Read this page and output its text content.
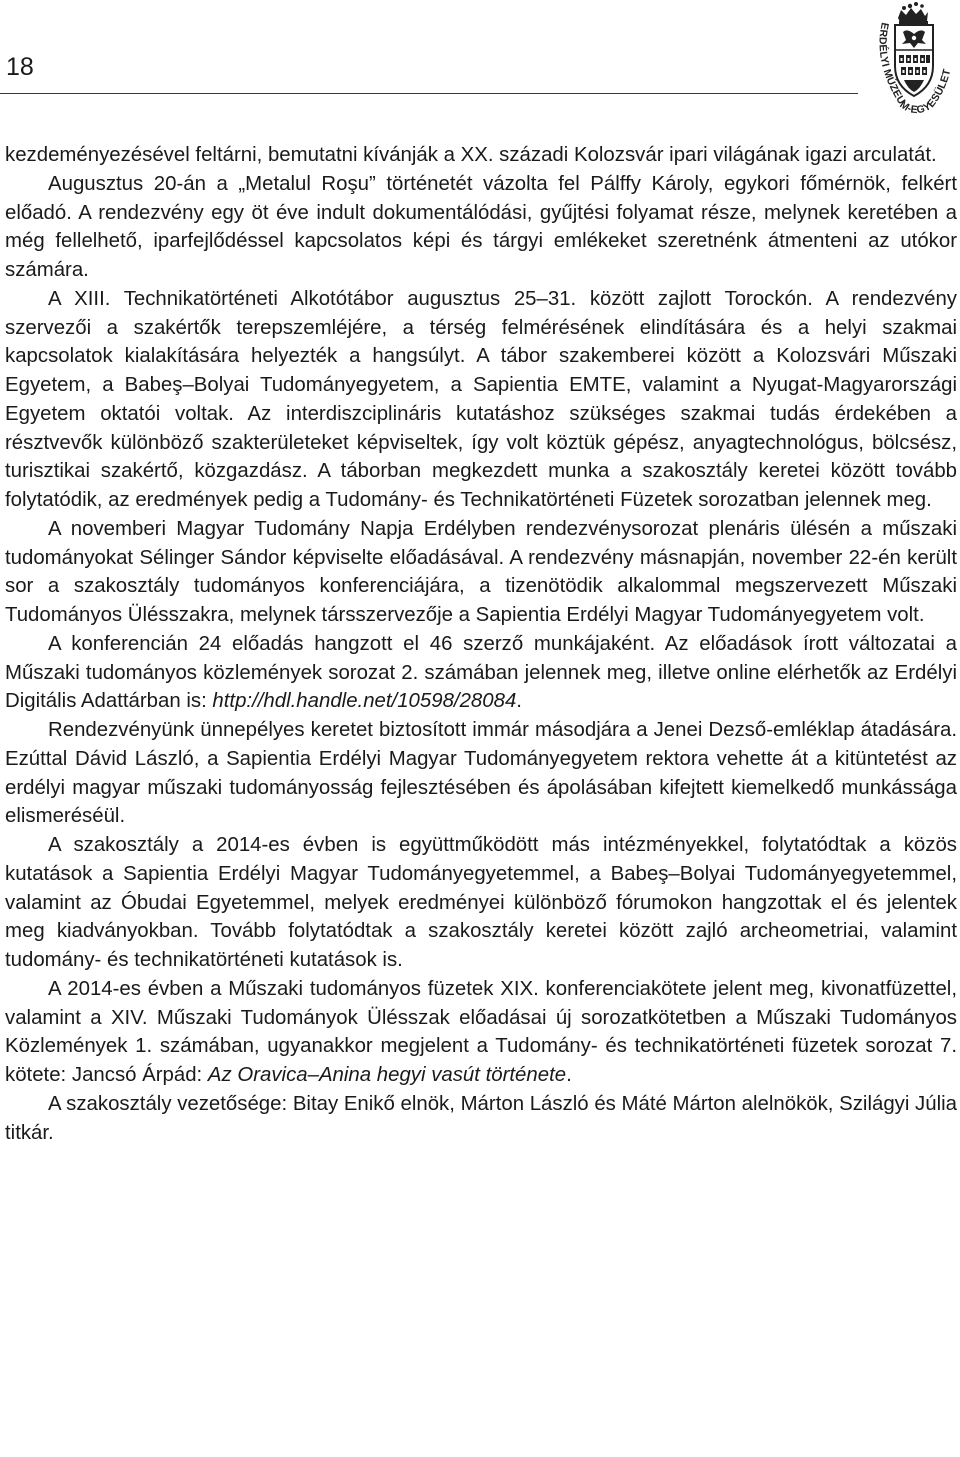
18
ERDÉLYI MÚZEUM-EGYESÜLET

kezdeményezésével feltárni, bemutatni kívánják a XX. századi Kolozsvár ipari világának igazi arculatát.

Augusztus 20-án a „Metalul Roşu” történetét vázolta fel Pálffy Károly, egykori főmérnök, felkért előadó. A rendezvény egy öt éve indult dokumentálódási, gyűjtési folyamat része, melynek keretében a még fellelhető, iparfejlődéssel kapcsolatos képi és tárgyi emlékeket szeretnénk átmenteni az utókor számára.

A XIII. Technikatörténeti Alkotótábor augusztus 25–31. között zajlott Torockón. A rendezvény szervezői a szakértők terepszemléjére, a térség felmérésének elindítására és a helyi szakmai kapcsolatok kialakítására helyezték a hangsúlyt. A tábor szakemberei között a Kolozsvári Műszaki Egyetem, a Babeş–Bolyai Tudományegyetem, a Sapientia EMTE, valamint a Nyugat-Magyarországi Egyetem oktatói voltak. Az interdiszciplináris kutatáshoz szükséges szakmai tudás érdekében a résztvevők különböző szakterületeket képviseltek, így volt köztük gépész, anyagtechnológus, bölcsész, turisztikai szakértő, közgazdász. A táborban megkezdett munka a szakosztály keretei között tovább folytatódik, az eredmények pedig a Tudomány- és Technikatörténeti Füzetek sorozatban jelennek meg.

A novemberi Magyar Tudomány Napja Erdélyben rendezvénysorozat plenáris ülésén a műszaki tudományokat Sélinger Sándor képviselte előadásával. A rendezvény másnapján, november 22-én került sor a szakosztály tudományos konferenciájára, a tizenötödik alkalommal megszervezett Műszaki Tudományos Ülésszakra, melynek társszervezője a Sapientia Erdélyi Magyar Tudományegyetem volt.

A konferencián 24 előadás hangzott el 46 szerző munkájaként. Az előadások írott változatai a Műszaki tudományos közlemények sorozat 2. számában jelennek meg, illetve online elérhetők az Erdélyi Digitális Adattárban is: http://hdl.handle.net/10598/28084.

Rendezvényünk ünnepélyes keretet biztosított immár másodjára a Jenei Dezső-emléklap átadására. Ezúttal Dávid László, a Sapientia Erdélyi Magyar Tudományegyetem rektora vehette át a kitüntetést az erdélyi magyar műszaki tudományosság fejlesztésében és ápolásában kifejtett kiemelkedő munkássága elismeréséül.

A szakosztály a 2014-es évben is együttműködött más intézményekkel, folytatódtak a közös kutatások a Sapientia Erdélyi Magyar Tudományegyetemmel, a Babeş–Bolyai Tudományegyetemmel, valamint az Óbudai Egyetemmel, melyek eredményei különböző fórumokon hangzottak el és jelentek meg kiadványokban. Tovább folytatódtak a szakosztály keretei között zajló archeometriai, valamint tudomány- és technikatörténeti kutatások is.

A 2014-es évben a Műszaki tudományos füzetek XIX. konferenciakötete jelent meg, kivonatfüzettel, valamint a XIV. Műszaki Tudományok Ülésszak előadásai új sorozatkötetben a Műszaki Tudományos Közlemények 1. számában, ugyanakkor megjelent a Tudomány- és technikatörténeti füzetek sorozat 7. kötete: Jancsó Árpád: Az Oravica–Anina hegyi vasút története.

A szakosztály vezetősége: Bitay Enikő elnök, Márton László és Máté Márton alelnökök, Szilágyi Júlia titkár.
